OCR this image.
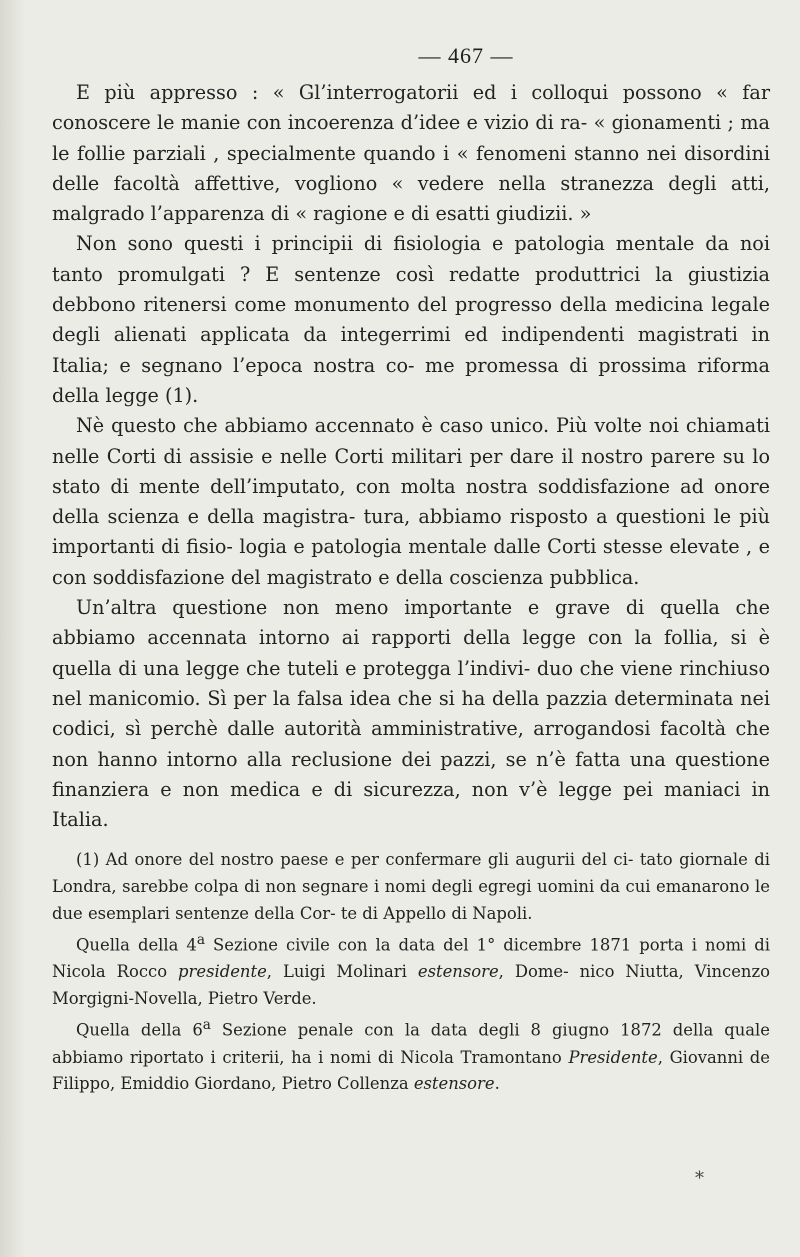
— 467 —

E più appresso : « Gl’interrogatorii ed i colloqui possono « far conoscere le manie con incoerenza d’idee e vizio di ra- « gionamenti ; ma le follie parziali , specialmente quando i « fenomeni stanno nei disordini delle facoltà affettive, vogliono « vedere nella stranezza degli atti, malgrado l’apparenza di « ragione e di esatti giudizii. »

Non sono questi i principii di fisiologia e patologia mentale da noi tanto promulgati ? E sentenze così redatte produttrici la giustizia debbono ritenersi come monumento del progresso della medicina legale degli alienati applicata da integerrimi ed indipendenti magistrati in Italia; e segnano l’epoca nostra co- me promessa di prossima riforma della legge (1).

Nè questo che abbiamo accennato è caso unico. Più volte noi chiamati nelle Corti di assisie e nelle Corti militari per dare il nostro parere su lo stato di mente dell’imputato, con molta nostra soddisfazione ad onore della scienza e della magistra- tura, abbiamo risposto a questioni le più importanti di fisio- logia e patologia mentale dalle Corti stesse elevate , e con soddisfazione del magistrato e della coscienza pubblica.

Un’altra questione non meno importante e grave di quella che abbiamo accennata intorno ai rapporti della legge con la follia, si è quella di una legge che tuteli e protegga l’indivi- duo che viene rinchiuso nel manicomio. Sì per la falsa idea che si ha della pazzia determinata nei codici, sì perchè dalle autorità amministrative, arrogandosi facoltà che non hanno intorno alla reclusione dei pazzi, se n’è fatta una questione finanziera e non medica e di sicurezza, non v’è legge pei maniaci in Italia.

(1) Ad onore del nostro paese e per confermare gli augurii del ci- tato giornale di Londra, sarebbe colpa di non segnare i nomi degli egregi uomini da cui emanarono le due esemplari sentenze della Cor- te di Appello di Napoli.

Quella della 4$^a$ Sezione civile con la data del 1° dicembre 1871 porta i nomi di Nicola Rocco presidente, Luigi Molinari estensore, Dome- nico Niutta, Vincenzo Morgigni-Novella, Pietro Verde.

Quella della 6$^a$ Sezione penale con la data degli 8 giugno 1872 della quale abbiamo riportato i criterii, ha i nomi di Nicola Tramontano Presidente, Giovanni de Filippo, Emiddio Giordano, Pietro Collenza estensore.

*
